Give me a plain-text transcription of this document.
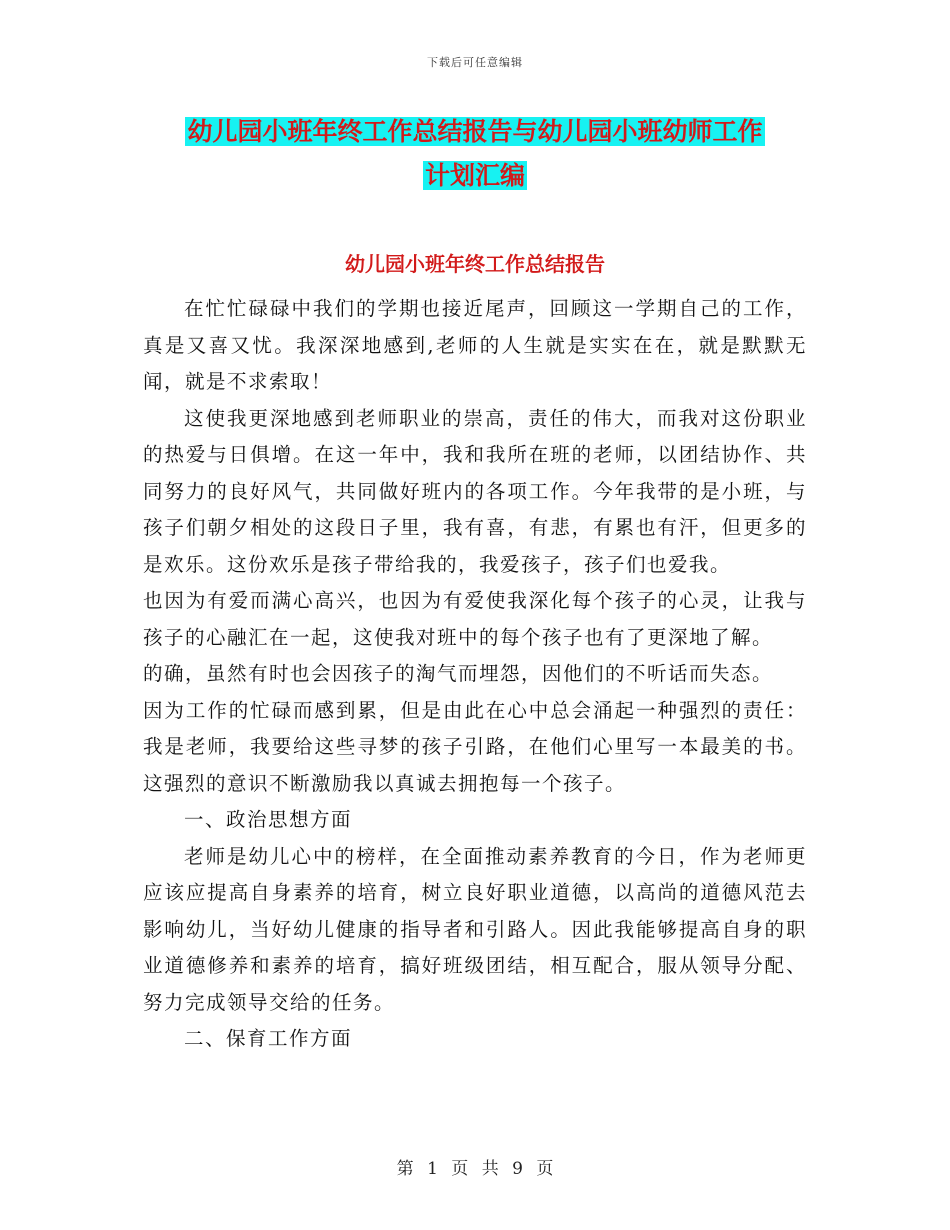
下载后可任意编辑
幼儿园小班年终工作总结报告与幼儿园小班幼师工作
计划汇编
幼儿园小班年终工作总结报告

在忙忙碌碌中我们的学期也接近尾声，回顾这一学期自己的工作，真是又喜又忧。我深深地感到,老师的人生就是实实在在，就是默默无闻，就是不求索取！

这使我更深地感到老师职业的崇高，责任的伟大，而我对这份职业的热爱与日俱增。在这一年中，我和我所在班的老师，以团结协作、共同努力的良好风气，共同做好班内的各项工作。今年我带的是小班，与孩子们朝夕相处的这段日子里，我有喜，有悲，有累也有汗，但更多的是欢乐。这份欢乐是孩子带给我的，我爱孩子，孩子们也爱我。

也因为有爱而满心高兴，也因为有爱使我深化每个孩子的心灵，让我与孩子的心融汇在一起，这使我对班中的每个孩子也有了更深地了解。

的确，虽然有时也会因孩子的淘气而埋怨，因他们的不听话而失态。

因为工作的忙碌而感到累，但是由此在心中总会涌起一种强烈的责任：我是老师，我要给这些寻梦的孩子引路，在他们心里写一本最美的书。这强烈的意识不断激励我以真诚去拥抱每一个孩子。

一、政治思想方面

老师是幼儿心中的榜样，在全面推动素养教育的今日，作为老师更应该应提高自身素养的培育，树立良好职业道德，以高尚的道德风范去影响幼儿，当好幼儿健康的指导者和引路人。因此我能够提高自身的职业道德修养和素养的培育，搞好班级团结，相互配合，服从领导分配、努力完成领导交给的任务。

二、保育工作方面

第 1 页 共 9 页
